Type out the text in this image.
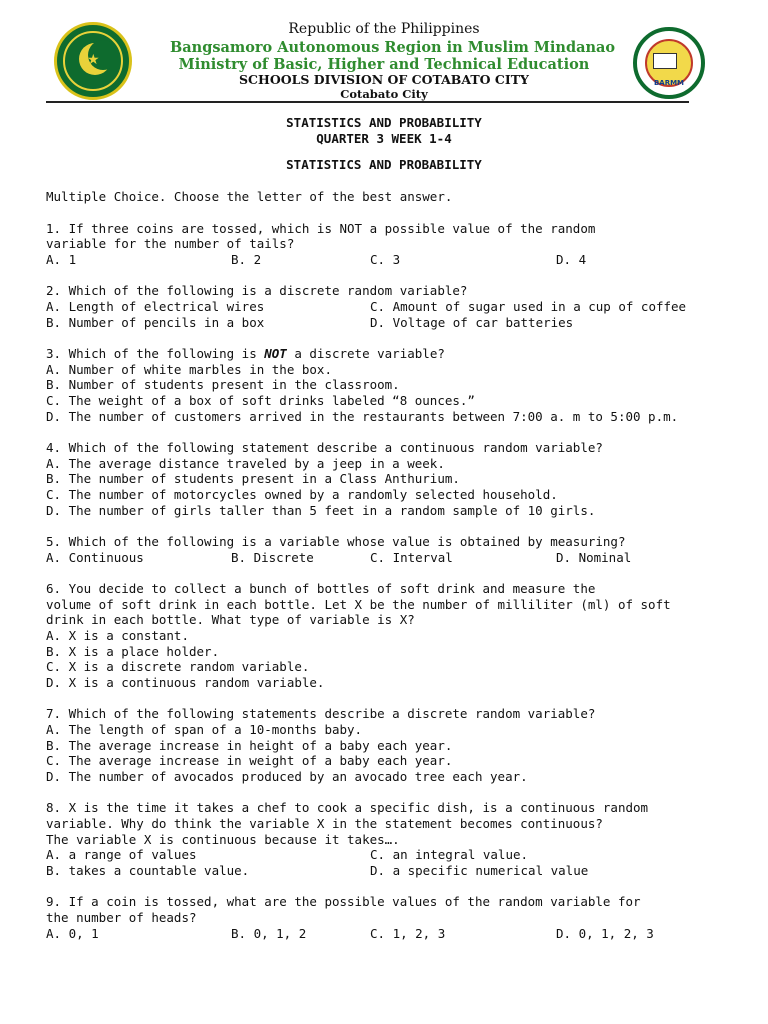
★
Republic of the Philippines
Bangsamoro Autonomous Region in Muslim Mindanao
Ministry of Basic, Higher and Technical Education
SCHOOLS DIVISION OF COTABATO CITY
Cotabato City
BARMM
STATISTICS AND PROBABILITY
QUARTER 3 WEEK 1-4
STATISTICS AND PROBABILITY
Multiple Choice. Choose the letter of the best answer.
1. If three coins are tossed, which is NOT a possible value of the random
variable for the number of tails?
A. 1	B. 2	C. 3	D. 4
2. Which of the following is a discrete random variable?
A. Length of electrical wires	C. Amount of sugar used in a cup of coffee
B. Number of pencils in a box	D. Voltage of car batteries
3. Which of the following is NOT a discrete variable?
A. Number of white marbles in the box.
B. Number of students present in the classroom.
C. The weight of a box of soft drinks labeled “8 ounces.”
D. The number of customers arrived in the restaurants between 7:00 a. m to 5:00 p.m.
4. Which of the following statement describe a continuous random variable?
A. The average distance traveled by a jeep in a week.
B. The number of students present in a Class Anthurium.
C. The number of motorcycles owned by a randomly selected household.
D. The number of girls taller than 5 feet in a random sample of 10 girls.
5. Which of the following is a variable whose value is obtained by measuring?
A. Continuous	B. Discrete	C. Interval	D. Nominal
6. You decide to collect a bunch of bottles of soft drink and measure the
volume of soft drink in each bottle. Let X be the number of milliliter (ml) of soft
drink in each bottle. What type of variable is X?
A. X is a constant.
B. X is a place holder.
C. X is a discrete random variable.
D. X is a continuous random variable.
7. Which of the following statements describe a discrete random variable?
A. The length of span of a 10-months baby.
B. The average increase in height of a baby each year.
C. The average increase in weight of a baby each year.
D. The number of avocados produced by an avocado tree each year.
8. X is the time it takes a chef to cook a specific dish, is a continuous random
variable. Why do think the variable X in the statement becomes continuous?
The variable X is continuous because it takes….
A. a range of values	C. an integral value.
B. takes a countable value.	D. a specific numerical value
9. If a coin is tossed, what are the possible values of the random variable for
the number of heads?
A. 0, 1	B. 0, 1, 2	C. 1, 2, 3	D. 0, 1, 2, 3
